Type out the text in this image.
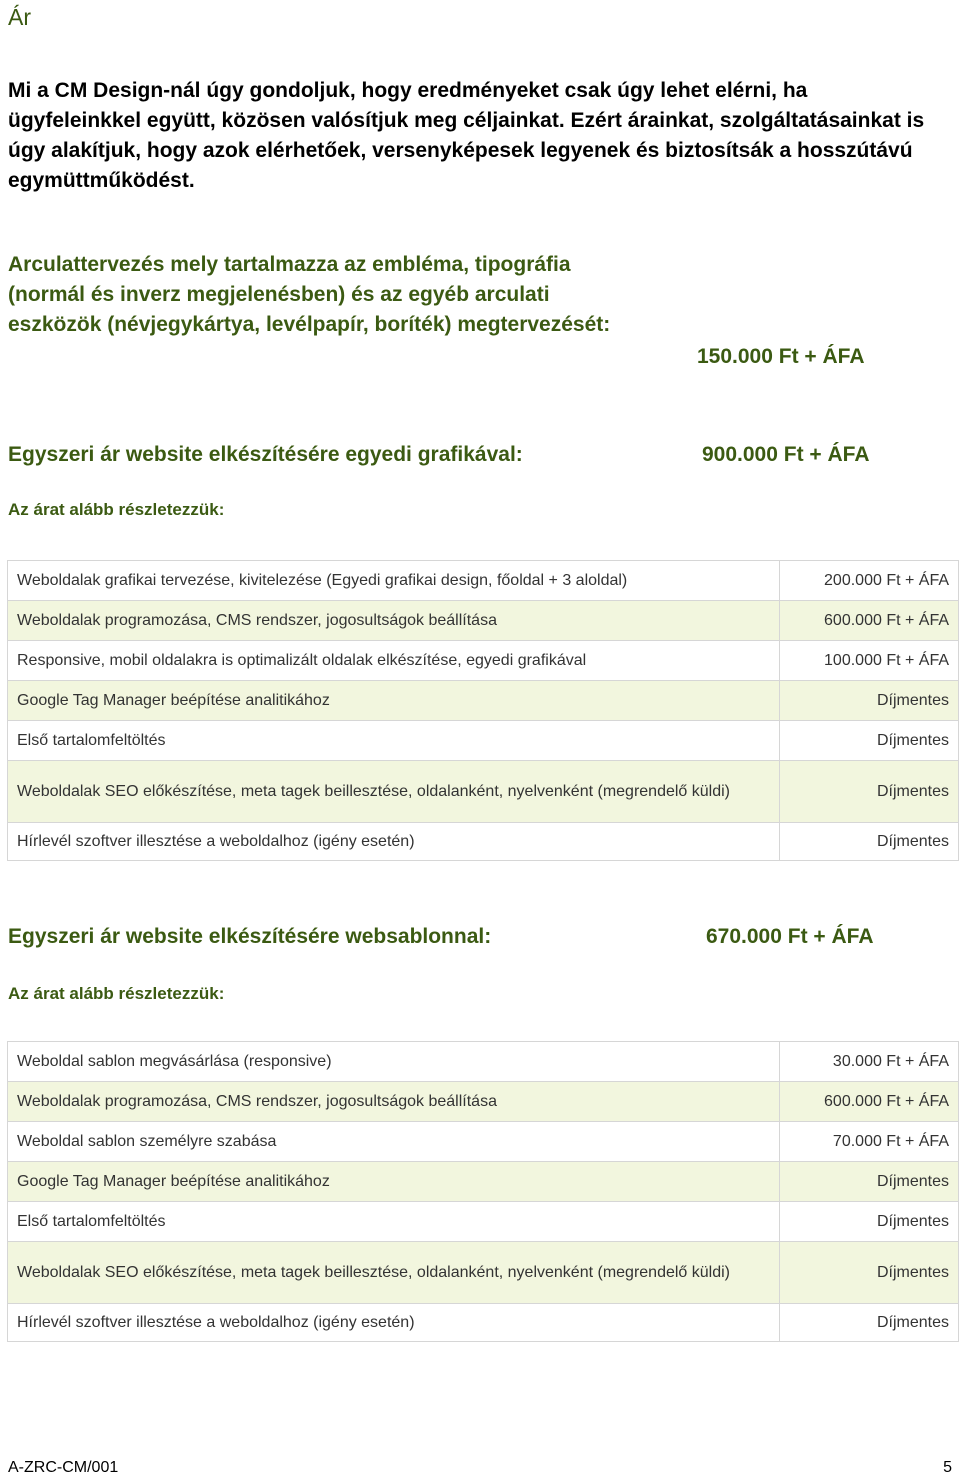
Ár

Mi a CM Design-nál úgy gondoljuk, hogy eredményeket csak úgy lehet elérni, ha ügyfeleinkkel együtt, közösen valósítjuk meg céljainkat. Ezért árainkat, szolgáltatásainkat is úgy alakítjuk, hogy azok elérhetőek, versenyképesek legyenek és biztosítsák a hosszútávú egymüttműködést.

Arculattervezés mely tartalmazza az embléma, tipográfia (normál és inverz megjelenésben) és az egyéb arculati eszközök (névjegykártya, levélpapír, boríték) megtervezését:

150.000 Ft + ÁFA
Egyszeri ár website elkészítésére egyedi grafikával:	900.000 Ft + ÁFA
Az árat alább részletezzük:
Weboldalak grafikai tervezése, kivitelezése (Egyedi grafikai design, főoldal + 3 aloldal)	200.000 Ft + ÁFA
Weboldalak programozása, CMS rendszer, jogosultságok beállítása	600.000 Ft + ÁFA
Responsive, mobil oldalakra is optimalizált oldalak elkészítése, egyedi grafikával	100.000 Ft + ÁFA
Google Tag Manager beépítése analitikához	Díjmentes
Első tartalomfeltöltés	Díjmentes
Weboldalak SEO előkészítése, meta tagek beillesztése, oldalanként, nyelvenként (megrendelő küldi)	Díjmentes
Hírlevél szoftver illesztése a weboldalhoz (igény esetén)	Díjmentes
Egyszeri ár website elkészítésére websablonnal:	670.000 Ft + ÁFA
Az árat alább részletezzük:
Weboldal sablon megvásárlása (responsive)	30.000 Ft + ÁFA
Weboldalak programozása, CMS rendszer, jogosultságok beállítása	600.000 Ft + ÁFA
Weboldal sablon személyre szabása	70.000 Ft + ÁFA
Google Tag Manager beépítése analitikához	Díjmentes
Első tartalomfeltöltés	Díjmentes
Weboldalak SEO előkészítése, meta tagek beillesztése, oldalanként, nyelvenként (megrendelő küldi)	Díjmentes
Hírlevél szoftver illesztése a weboldalhoz (igény esetén)	Díjmentes
A-ZRC-CM/001	5
